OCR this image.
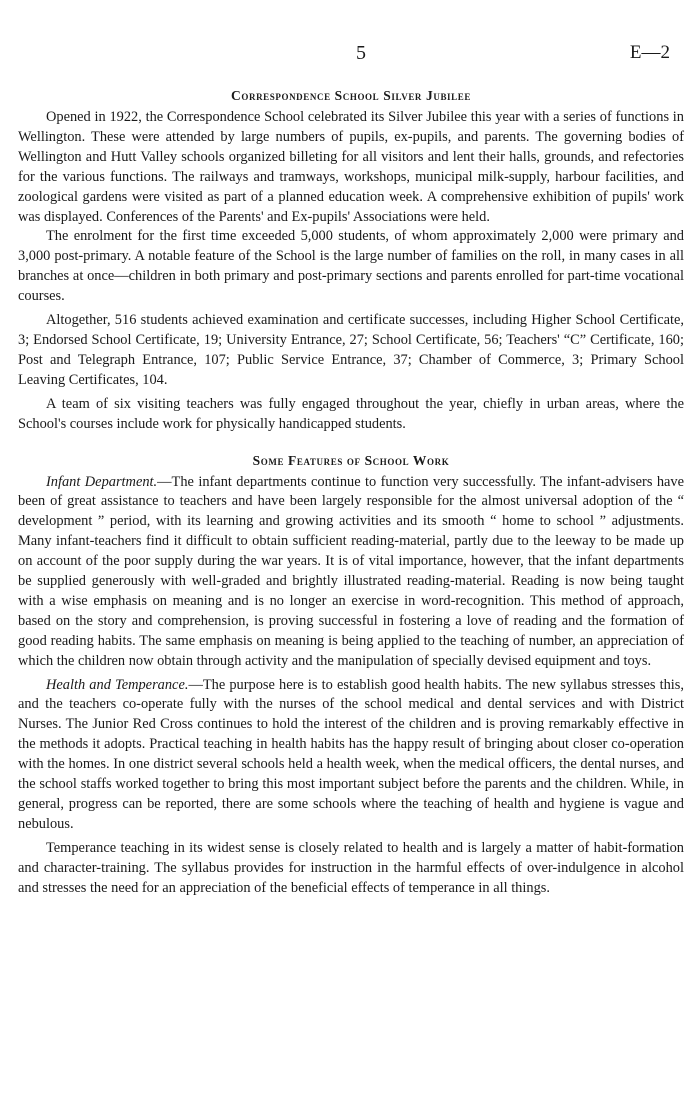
5	E—2
Correspondence School Silver Jubilee

Opened in 1922, the Correspondence School celebrated its Silver Jubilee this year with a series of functions in Wellington. These were attended by large numbers of pupils, ex-pupils, and parents. The governing bodies of Wellington and Hutt Valley schools organized billeting for all visitors and lent their halls, grounds, and refectories for the various functions. The railways and tramways, workshops, municipal milk-supply, harbour facilities, and zoological gardens were visited as part of a planned education week. A comprehensive exhibition of pupils' work was displayed. Conferences of the Parents' and Ex-pupils' Associations were held.

The enrolment for the first time exceeded 5,000 students, of whom approximately 2,000 were primary and 3,000 post-primary. A notable feature of the School is the large number of families on the roll, in many cases in all branches at once—children in both primary and post-primary sections and parents enrolled for part-time vocational courses.

Altogether, 516 students achieved examination and certificate successes, including Higher School Certificate, 3; Endorsed School Certificate, 19; University Entrance, 27; School Certificate, 56; Teachers' “C” Certificate, 160; Post and Telegraph Entrance, 107; Public Service Entrance, 37; Chamber of Commerce, 3; Primary School Leaving Certificates, 104.

A team of six visiting teachers was fully engaged throughout the year, chiefly in urban areas, where the School's courses include work for physically handicapped students.

Some Features of School Work

Infant Department.—The infant departments continue to function very successfully. The infant-advisers have been of great assistance to teachers and have been largely responsible for the almost universal adoption of the “ development ” period, with its learning and growing activities and its smooth “ home to school ” adjustments. Many infant-teachers find it difficult to obtain sufficient reading-material, partly due to the leeway to be made up on account of the poor supply during the war years. It is of vital importance, however, that the infant departments be supplied generously with well-graded and brightly illustrated reading-material. Reading is now being taught with a wise emphasis on meaning and is no longer an exercise in word-recognition. This method of approach, based on the story and comprehension, is proving successful in fostering a love of reading and the formation of good reading habits. The same emphasis on meaning is being applied to the teaching of number, an appreciation of which the children now obtain through activity and the manipulation of specially devised equipment and toys.

Health and Temperance.—The purpose here is to establish good health habits. The new syllabus stresses this, and the teachers co-operate fully with the nurses of the school medical and dental services and with District Nurses. The Junior Red Cross continues to hold the interest of the children and is proving remarkably effective in the methods it adopts. Practical teaching in health habits has the happy result of bringing about closer co-operation with the homes. In one district several schools held a health week, when the medical officers, the dental nurses, and the school staffs worked together to bring this most important subject before the parents and the children. While, in general, progress can be reported, there are some schools where the teaching of health and hygiene is vague and nebulous.

Temperance teaching in its widest sense is closely related to health and is largely a matter of habit-formation and character-training. The syllabus provides for instruction in the harmful effects of over-indulgence in alcohol and stresses the need for an appreciation of the beneficial effects of temperance in all things.
